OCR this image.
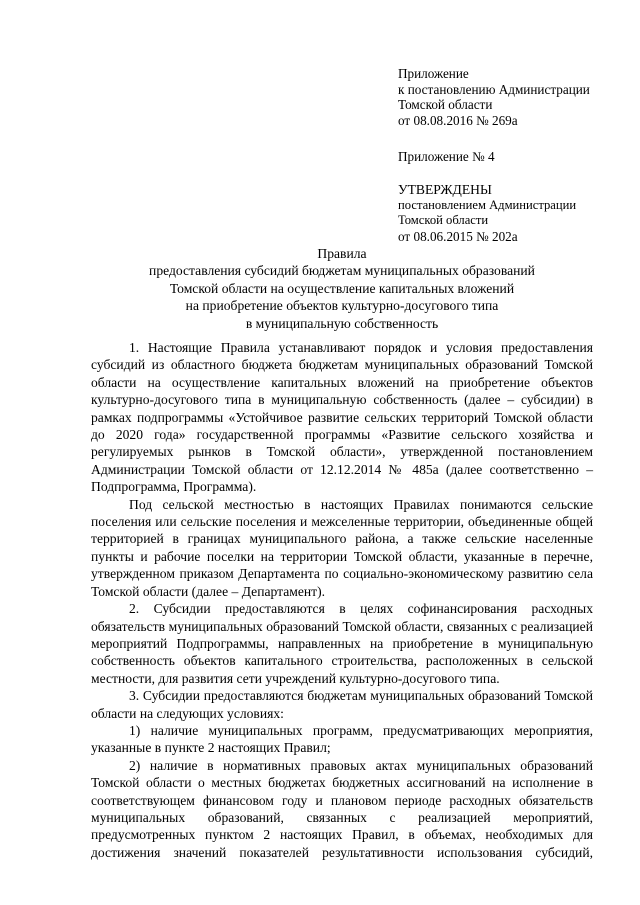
Приложение
к постановлению Администрации
Томской области
от 08.08.2016 № 269а
Приложение № 4
УТВЕРЖДЕНЫ
постановлением Администрации
Томской области
от 08.06.2015 № 202а
Правила
предоставления субсидий бюджетам муниципальных образований
Томской области на осуществление капитальных вложений
на приобретение объектов культурно-досугового типа
в муниципальную собственность

1. Настоящие Правила устанавливают порядок и условия предоставления субсидий из областного бюджета бюджетам муниципальных образований Томской области на осуществление капитальных вложений на приобретение объектов культурно-досугового типа в муниципальную собственность (далее – субсидии) в рамках подпрограммы «Устойчивое развитие сельских территорий Томской области до 2020 года» государственной программы «Развитие сельского хозяйства и регулируемых рынков в Томской области», утвержденной постановлением Администрации Томской области от 12.12.2014 № 485а (далее соответственно – Подпрограмма, Программа).

Под сельской местностью в настоящих Правилах понимаются сельские поселения или сельские поселения и межселенные территории, объединенные общей территорией в границах муниципального района, а также сельские населенные пункты и рабочие поселки на территории Томской области, указанные в перечне, утвержденном приказом Департамента по социально-экономическому развитию села Томской области (далее – Департамент).

2. Субсидии предоставляются в целях софинансирования расходных обязательств муниципальных образований Томской области, связанных с реализацией мероприятий Подпрограммы, направленных на приобретение в муниципальную собственность объектов капитального строительства, расположенных в сельской местности, для развития сети учреждений культурно-досугового типа.

3. Субсидии предоставляются бюджетам муниципальных образований Томской области на следующих условиях:

1) наличие муниципальных программ, предусматривающих мероприятия, указанные в пункте 2 настоящих Правил;

2) наличие в нормативных правовых актах муниципальных образований Томской области о местных бюджетах бюджетных ассигнований на исполнение в соответствующем финансовом году и плановом периоде расходных обязательств муниципальных образований, связанных с реализацией мероприятий, предусмотренных пунктом 2 настоящих Правил, в объемах, необходимых для достижения значений показателей результативности использования субсидий,
